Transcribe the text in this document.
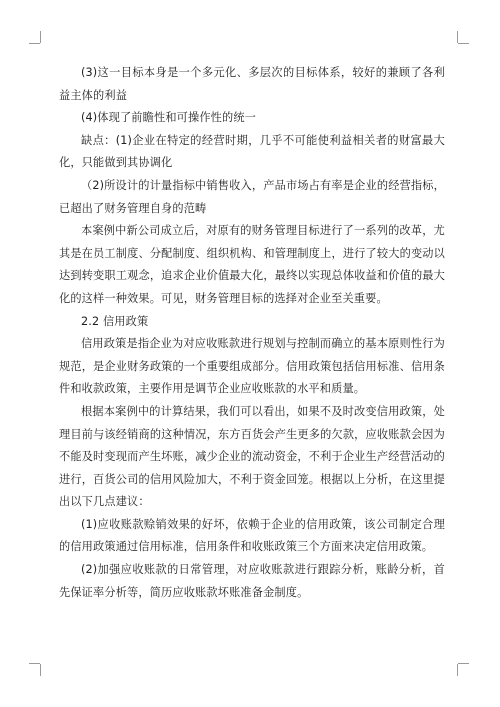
(3)这一目标本身是一个多元化、多层次的目标体系，较好的兼顾了各利益主体的利益

(4)体现了前瞻性和可操作性的统一

缺点：(1)企业在特定的经营时期，几乎不可能使利益相关者的财富最大化，只能做到其协调化

（2)所设计的计量指标中销售收入，产品市场占有率是企业的经营指标，已超出了财务管理自身的范畴

本案例中新公司成立后，对原有的财务管理目标进行了一系列的改革，尤其是在员工制度、分配制度、组织机构、和管理制度上，进行了较大的变动以达到转变职工观念，追求企业价值最大化，最终以实现总体收益和价值的最大化的这样一种效果。可见，财务管理目标的选择对企业至关重要。

2.2 信用政策

信用政策是指企业为对应收账款进行规划与控制而确立的基本原则性行为规范，是企业财务政策的一个重要组成部分。信用政策包括信用标准、信用条件和收款政策，主要作用是调节企业应收账款的水平和质量。

根据本案例中的计算结果，我们可以看出，如果不及时改变信用政策，处理目前与该经销商的这种情况，东方百货会产生更多的欠款，应收账款会因为不能及时变现而产生坏账，减少企业的流动资金，不利于企业生产经营活动的进行，百货公司的信用风险加大，不利于资金回笼。根据以上分析，在这里提出以下几点建议：

(1)应收账款赊销效果的好坏，依赖于企业的信用政策，该公司制定合理的信用政策通过信用标准，信用条件和收账政策三个方面来决定信用政策。

(2)加强应收账款的日常管理，对应收账款进行跟踪分析，账龄分析，首先保证率分析等，简历应收账款坏账准备金制度。
